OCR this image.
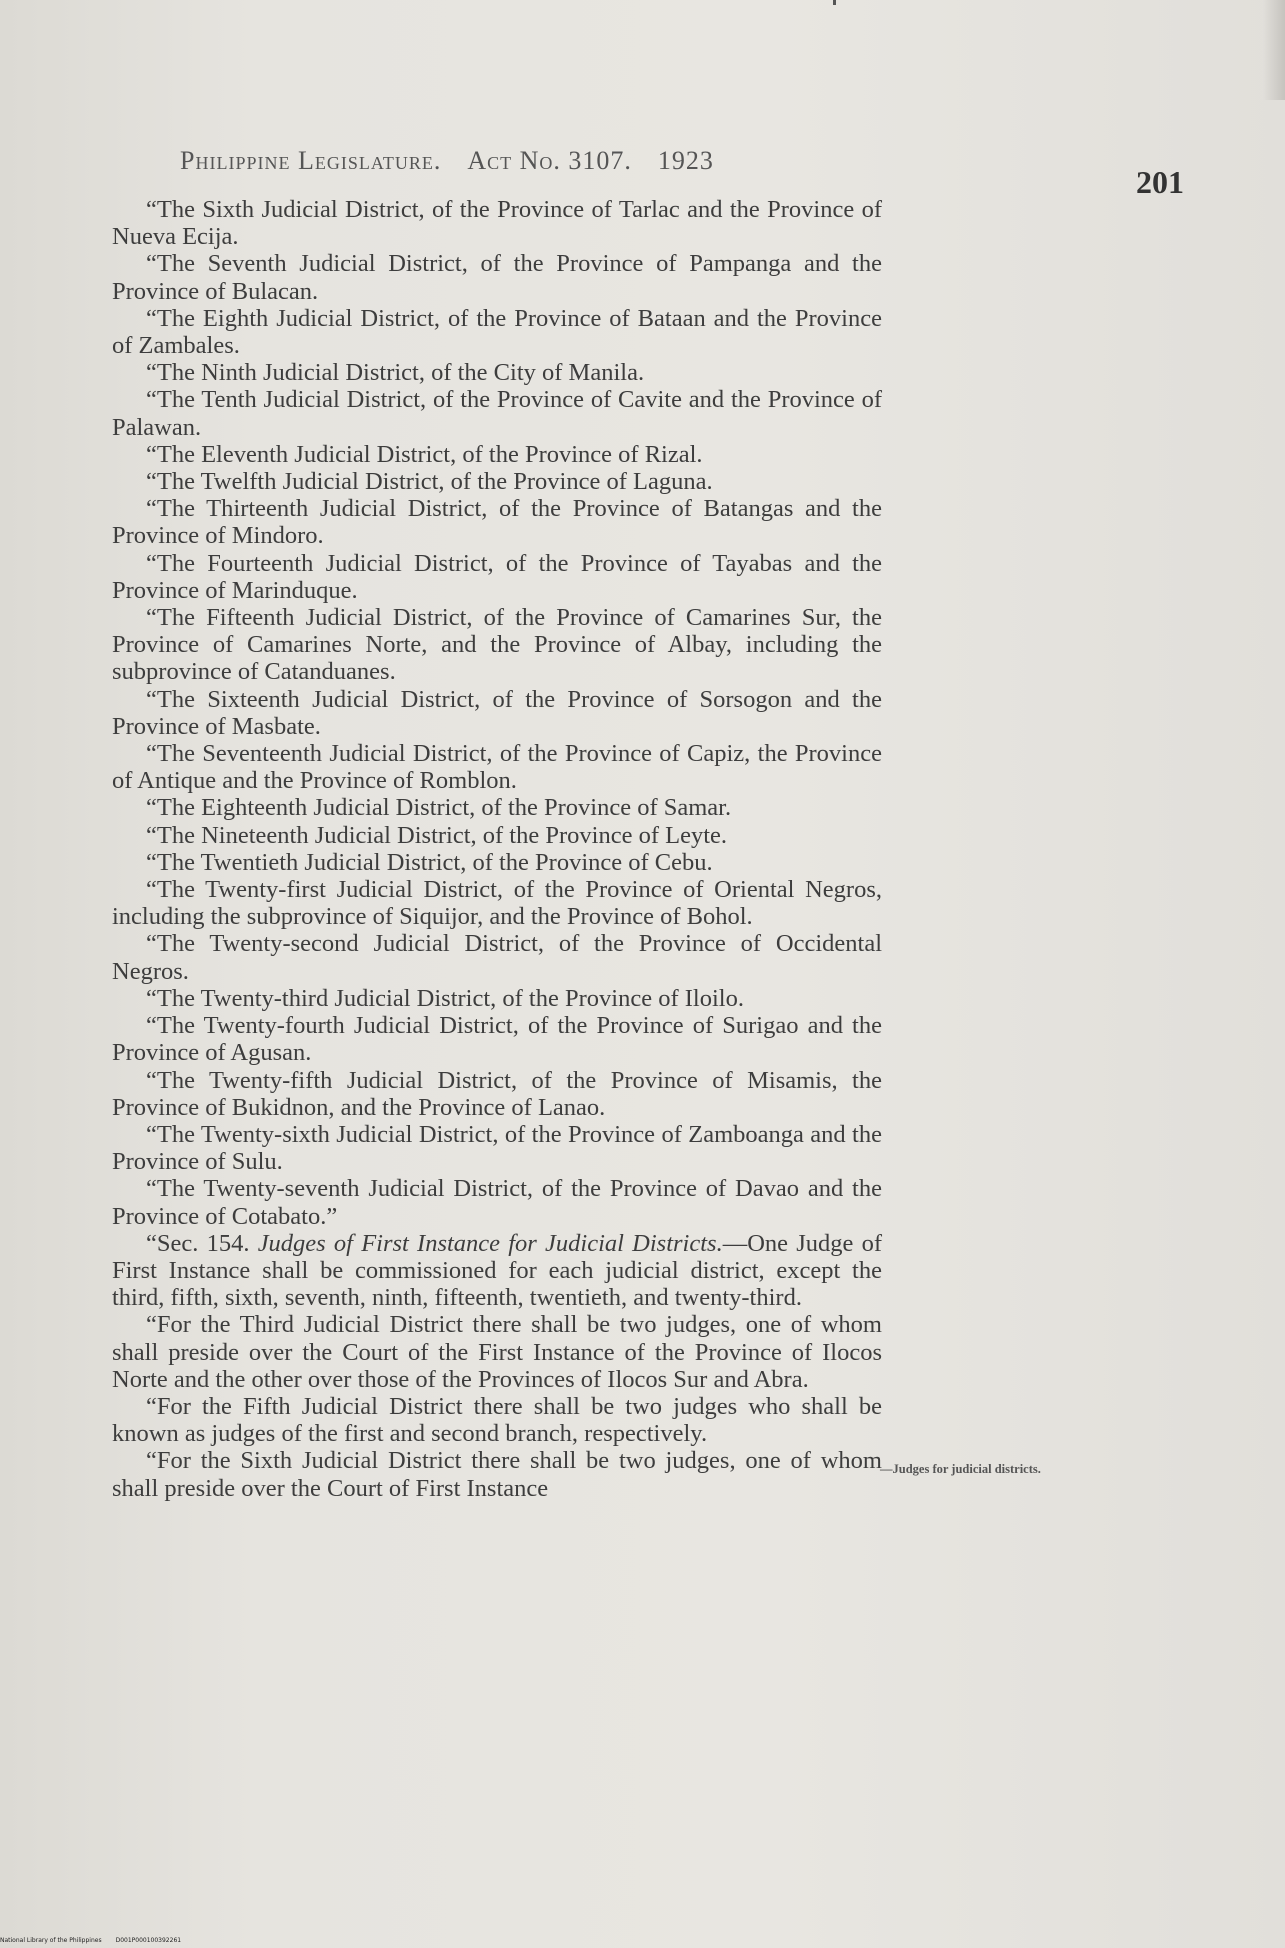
Philippine Legislature. Act No. 3107. 1923
201

“The Sixth Judicial District, of the Province of Tarlac and the Province of Nueva Ecija.

“The Seventh Judicial District, of the Province of Pampanga and the Province of Bulacan.

“The Eighth Judicial District, of the Province of Bataan and the Province of Zambales.

“The Ninth Judicial District, of the City of Manila.

“The Tenth Judicial District, of the Province of Cavite and the Province of Palawan.

“The Eleventh Judicial District, of the Province of Rizal.

“The Twelfth Judicial District, of the Province of Laguna.

“The Thirteenth Judicial District, of the Province of Batangas and the Province of Mindoro.

“The Fourteenth Judicial District, of the Province of Tayabas and the Province of Marinduque.

“The Fifteenth Judicial District, of the Province of Camarines Sur, the Province of Camarines Norte, and the Province of Albay, including the subprovince of Catanduanes.

“The Sixteenth Judicial District, of the Province of Sorsogon and the Province of Masbate.

“The Seventeenth Judicial District, of the Province of Capiz, the Province of Antique and the Province of Romblon.

“The Eighteenth Judicial District, of the Province of Samar.

“The Nineteenth Judicial District, of the Province of Leyte.

“The Twentieth Judicial District, of the Province of Cebu.

“The Twenty-first Judicial District, of the Province of Oriental Negros, including the subprovince of Siquijor, and the Province of Bohol.

“The Twenty-second Judicial District, of the Province of Occidental Negros.

“The Twenty-third Judicial District, of the Province of Iloilo.

“The Twenty-fourth Judicial District, of the Province of Surigao and the Province of Agusan.

“The Twenty-fifth Judicial District, of the Province of Misamis, the Province of Bukidnon, and the Province of Lanao.

“The Twenty-sixth Judicial District, of the Province of Zamboanga and the Province of Sulu.

“The Twenty-seventh Judicial District, of the Province of Davao and the Province of Cotabato.”

“Sec. 154. Judges of First Instance for Judicial Districts.—One Judge of First Instance shall be commissioned for each judicial district, except the third, fifth, sixth, seventh, ninth, fifteenth, twentieth, and twenty-third.

“For the Third Judicial District there shall be two judges, one of whom shall preside over the Court of the First Instance of the Province of Ilocos Norte and the other over those of the Provinces of Ilocos Sur and Abra.

“For the Fifth Judicial District there shall be two judges who shall be known as judges of the first and second branch, respectively.

“For the Sixth Judicial District there shall be two judges, one of whom shall preside over the Court of First Instance

—Judges for judicial districts.
National Library of the Philippines D001P000100392261
